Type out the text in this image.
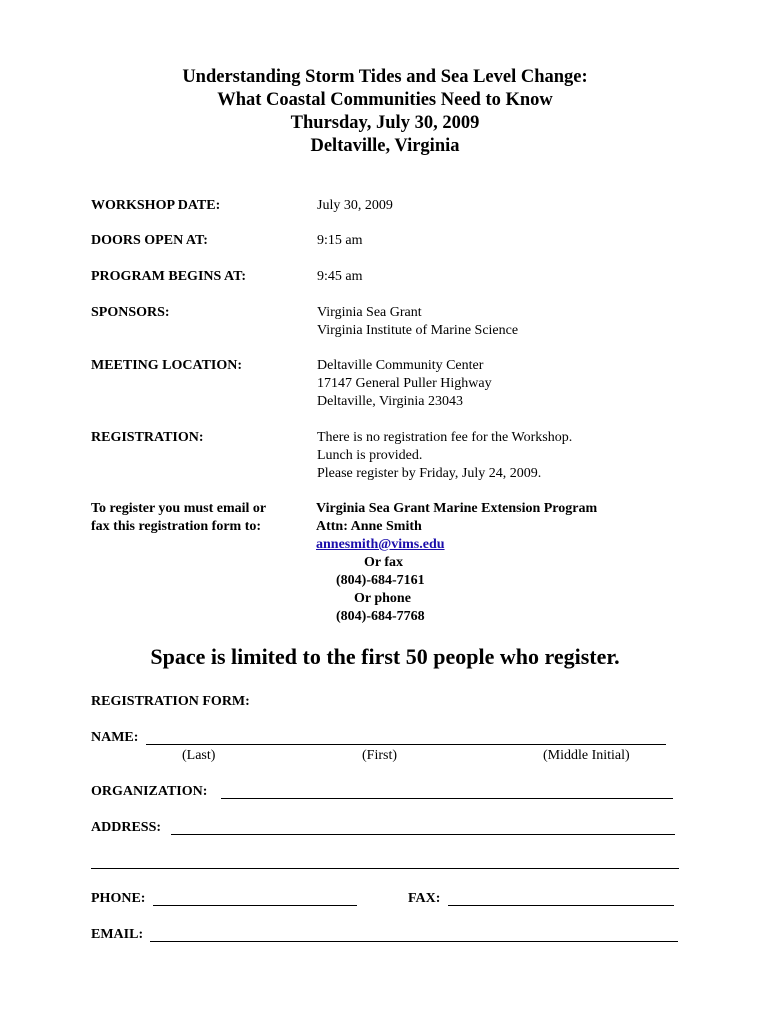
Understanding Storm Tides and Sea Level Change:
What Coastal Communities Need to Know
Thursday, July 30, 2009
Deltaville, Virginia
WORKSHOP DATE:	July 30, 2009
DOORS OPEN AT:	9:15 am
PROGRAM BEGINS AT:	9:45 am
SPONSORS:	Virginia Sea Grant
Virginia Institute of Marine Science
MEETING LOCATION:	Deltaville Community Center
17147 General Puller Highway
Deltaville, Virginia 23043
REGISTRATION:	There is no registration fee for the Workshop.
Lunch is provided.
Please register by Friday, July 24, 2009.
To register you must email or
fax this registration form to:
Virginia Sea Grant Marine Extension Program
Attn: Anne Smith
annesmith@vims.edu
Or fax
(804)-684-7161
Or phone
(804)-684-7768
Space is limited to the first 50 people who register.
REGISTRATION FORM:
NAME:
(Last)	(First)	(Middle Initial)
ORGANIZATION:
ADDRESS:
PHONE:	FAX:
EMAIL:
